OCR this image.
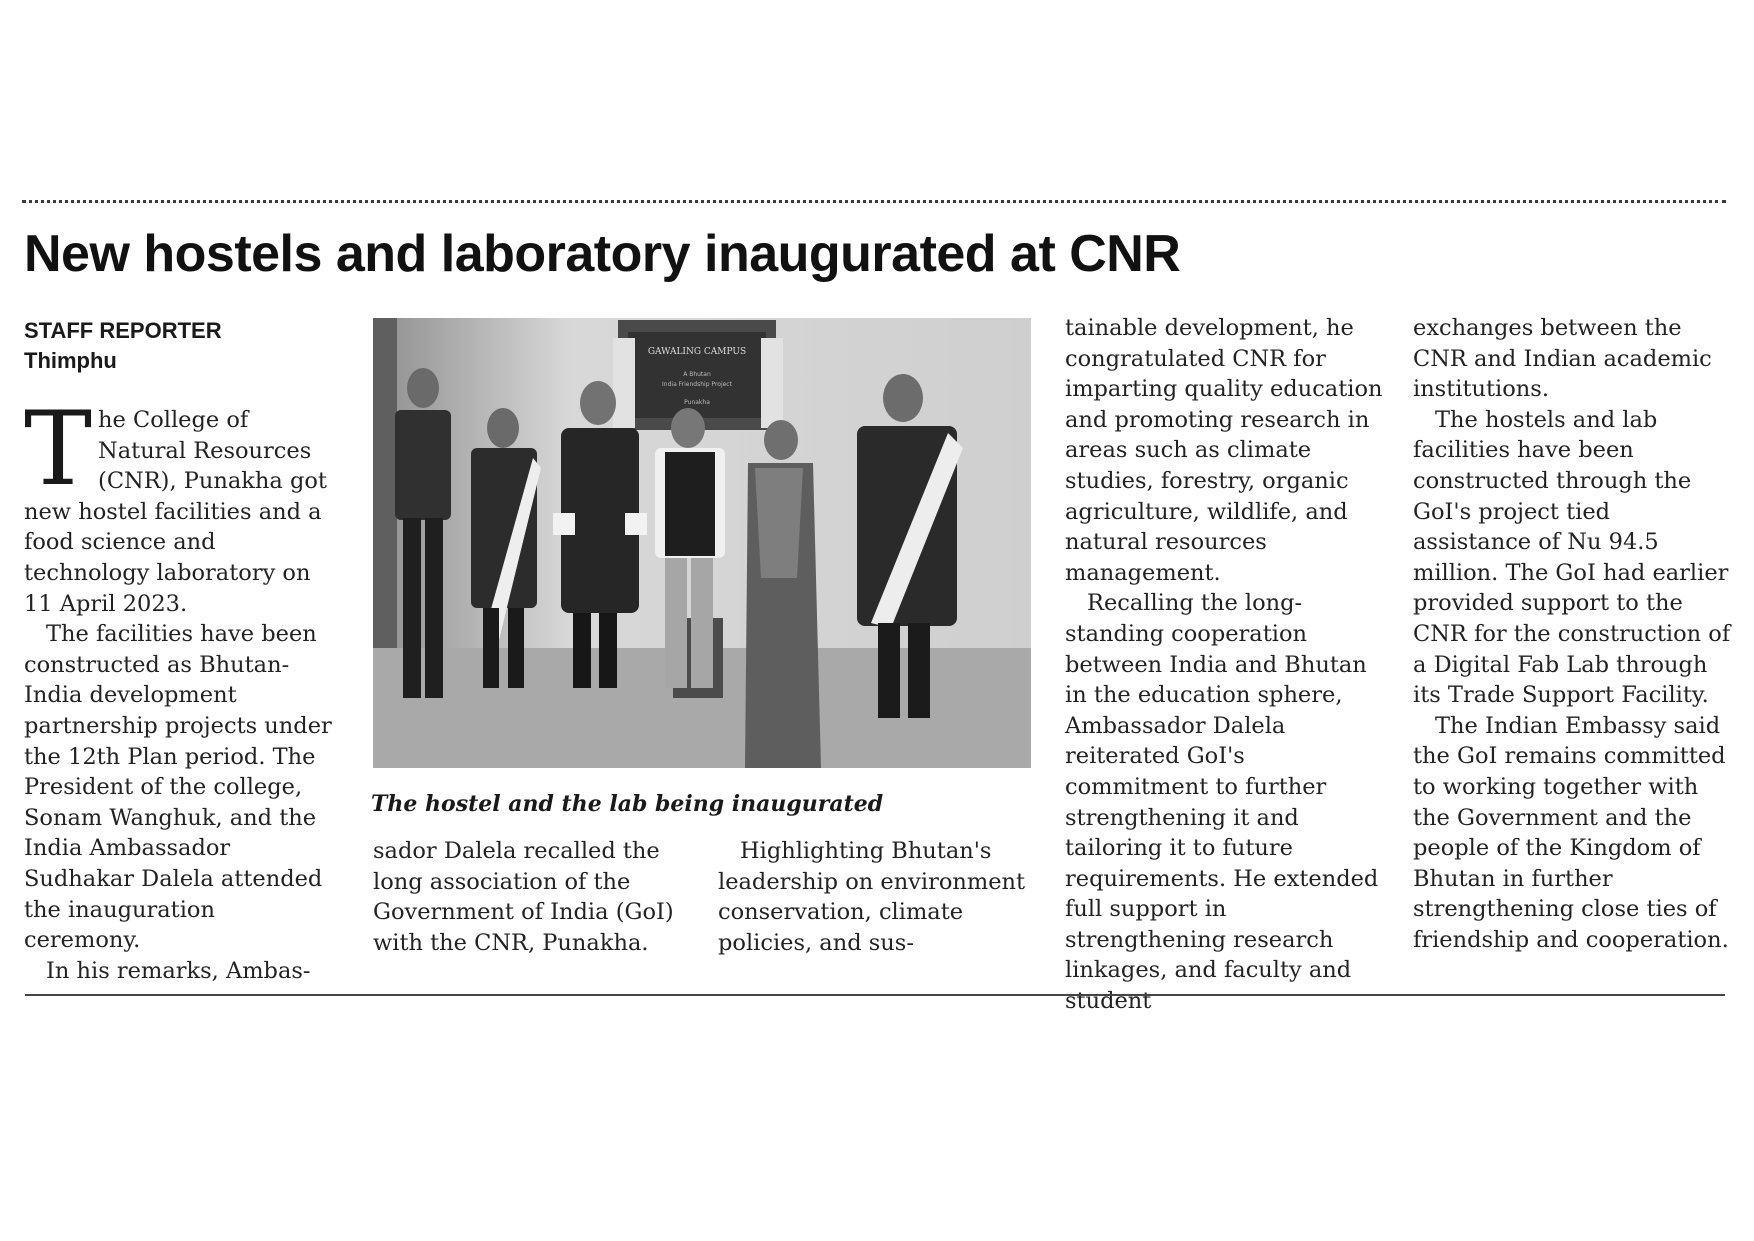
New hostels and laboratory inaugurated at CNR
STAFF REPORTER
Thimphu

The College of Natural Resources (CNR), Punakha got new hostel facilities and a food science and technology laboratory on 11 April 2023.

The facilities have been constructed as Bhutan-India development partnership projects under the 12th Plan period. The President of the college, Sonam Wanghuk, and the India Ambassador Sudhakar Dalela attended the inauguration ceremony.

In his remarks, Ambas-

GAWALING CAMPUS
A Bhutan
India Friendship Project
Punakha
The hostel and the lab being inaugurated

sador Dalela recalled the long association of the Government of India (GoI) with the CNR, Punakha.

Highlighting Bhutan's leadership on environment conservation, climate policies, and sus-

tainable development, he congratulated CNR for imparting quality education and promoting research in areas such as climate studies, forestry, organic agriculture, wildlife, and natural resources management.

Recalling the long-standing cooperation between India and Bhutan in the education sphere, Ambassador Dalela reiterated GoI's commitment to further strengthening it and tailoring it to future requirements. He extended full support in strengthening research linkages, and faculty and student

exchanges between the CNR and Indian academic institutions.

The hostels and lab facilities have been constructed through the GoI's project tied assistance of Nu 94.5 million. The GoI had earlier provided support to the CNR for the construction of a Digital Fab Lab through its Trade Support Facility.

The Indian Embassy said the GoI remains committed to working together with the Government and the people of the Kingdom of Bhutan in further strengthening close ties of friendship and cooperation.
